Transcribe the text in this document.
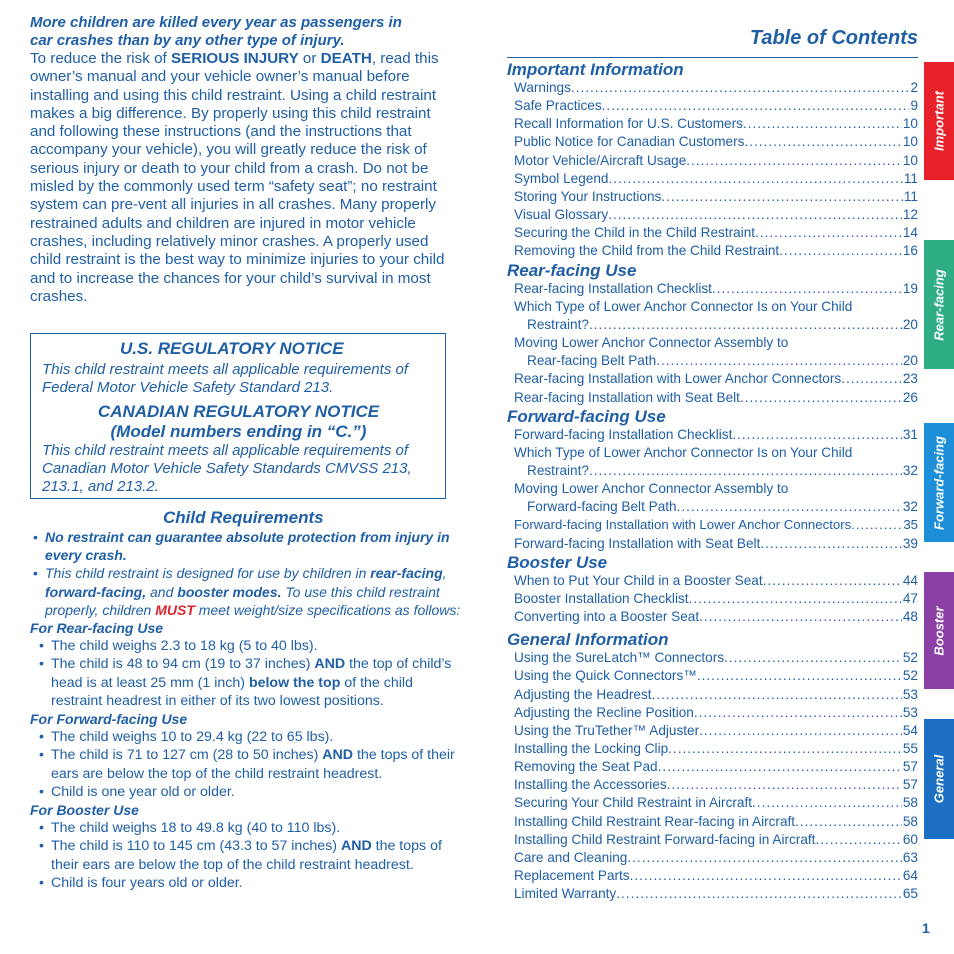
More children are killed every year as passengers in
car crashes than by any other type of injury.
To reduce the risk of SERIOUS INJURY or DEATH, read this owner’s manual and your vehicle owner’s manual before installing and using this child restraint. Using a child restraint makes a big difference. By properly using this child restraint and following these instructions (and the instructions that accompany your vehicle), you will greatly reduce the risk of serious injury or death to your child from a crash. Do not be misled by the commonly used term “safety seat”; no restraint system can pre-vent all injuries in all crashes. Many properly restrained adults and children are injured in motor vehicle crashes, including relatively minor crashes. A properly used child restraint is the best way to minimize injuries to your child and to increase the chances for your child’s survival in most crashes.
U.S. REGULATORY NOTICE

This child restraint meets all applicable requirements of Federal Motor Vehicle Safety Standard 213.

CANADIAN REGULATORY NOTICE
(Model numbers ending in “C.”)

This child restraint meets all applicable requirements of Canadian Motor Vehicle Safety Standards CMVSS 213, 213.1, and 213.2.

Child Requirements
• No restraint can guarantee absolute protection from injury in every crash.
• This child restraint is designed for use by children in rear-facing, forward-facing, and booster modes. To use this child restraint properly, children MUST meet weight/size specifications as follows:
For Rear-facing Use
• The child weighs 2.3 to 18 kg (5 to 40 lbs).
• The child is 48 to 94 cm (19 to 37 inches) AND the top of child’s head is at least 25 mm (1 inch) below the top of the child restraint headrest in either of its two lowest positions.
For Forward-facing Use
• The child weighs 10 to 29.4 kg (22 to 65 lbs).
• The child is 71 to 127 cm (28 to 50 inches) AND the tops of their ears are below the top of the child restraint headrest.
• Child is one year old or older.
For Booster Use
• The child weighs 18 to 49.8 kg (40 to 110 lbs).
• The child is 110 to 145 cm (43.3 to 57 inches) AND the tops of their ears are below the top of the child restraint headrest.
• Child is four years old or older.
Table of Contents
Important Information
Warnings .....	2
Safe Practices .....	9
Recall Information for U.S. Customers .....	10
Public Notice for Canadian Customers .....	10
Motor Vehicle/Aircraft Usage .....	10
Symbol Legend .....	11
Storing Your Instructions .....	11
Visual Glossary .....	12
Securing the Child in the Child Restraint .....	14
Removing the Child from the Child Restraint .....	16
Rear-facing Use
Rear-facing Installation Checklist .....	19
Which Type of Lower Anchor Connector Is on Your Child
Restraint? .....	20
Moving Lower Anchor Connector Assembly to
Rear-facing Belt Path .....	20
Rear-facing Installation with Lower Anchor Connectors .....	23
Rear-facing Installation with Seat Belt .....	26
Forward-facing Use
Forward-facing Installation Checklist .....	31
Which Type of Lower Anchor Connector Is on Your Child
Restraint? .....	32
Moving Lower Anchor Connector Assembly to
Forward-facing Belt Path .....	32
Forward-facing Installation with Lower Anchor Connectors .....	35
Forward-facing Installation with Seat Belt .....	39
Booster Use
When to Put Your Child in a Booster Seat .....	44
Booster Installation Checklist .....	47
Converting into a Booster Seat .....	48
General Information
Using the SureLatch™ Connectors .....	52
Using the Quick Connectors™ .....	52
Adjusting the Headrest .....	53
Adjusting the Recline Position .....	53
Using the TruTether™ Adjuster .....	54
Installing the Locking Clip .....	55
Removing the Seat Pad .....	57
Installing the Accessories .....	57
Securing Your Child Restraint in Aircraft .....	58
Installing Child Restraint Rear-facing in Aircraft .....	58
Installing Child Restraint Forward-facing in Aircraft .....	60
Care and Cleaning .....	63
Replacement Parts .....	64
Limited Warranty .....	65
Important
Rear-facing
Forward-facing
Booster
General
1
